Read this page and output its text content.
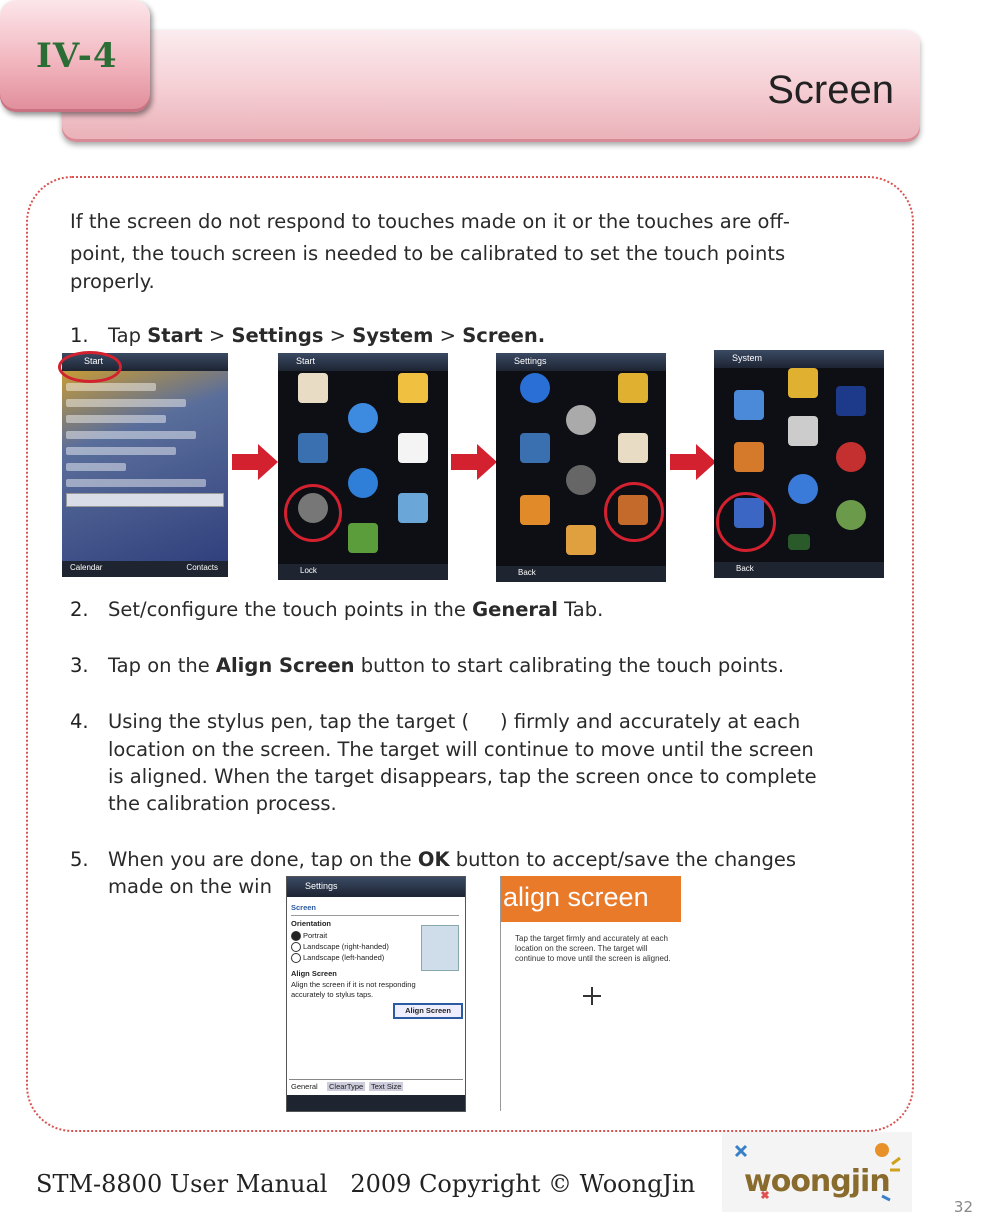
Screen
IV-4
If the screen do not respond to touches made on it or the touches are off-
point, the touch screen is needed to be calibrated to set the touch points
properly.
1. Tap Start > Settings > System > Screen.
Start
Calendar	Contacts
Start
Lock
Settings
Back
System
Back
2. Set/configure the touch points in the General Tab.
3. Tap on the Align Screen button to start calibrating the touch points.
4. Using the stylus pen, tap the target (     ) firmly and accurately at each
location on the screen. The target will continue to move until the screen
is aligned. When the target disappears, tap the screen once to complete
the calibration process.
5. When you are done, tap on the OK button to accept/save the changes
made on the win	Settings
Screen
Orientation
Portrait
Landscape (right-handed)
Landscape (left-handed)
Align Screen
Align the screen if it is not responding
accurately to stylus taps.
Align Screen
General ClearType Text Size
align screen
Tap the target firmly and accurately at each location on the screen. The target will continue to move until the screen is aligned.
STM-8800 User Manual   2009 Copyright © WoongJin woongjin
32
